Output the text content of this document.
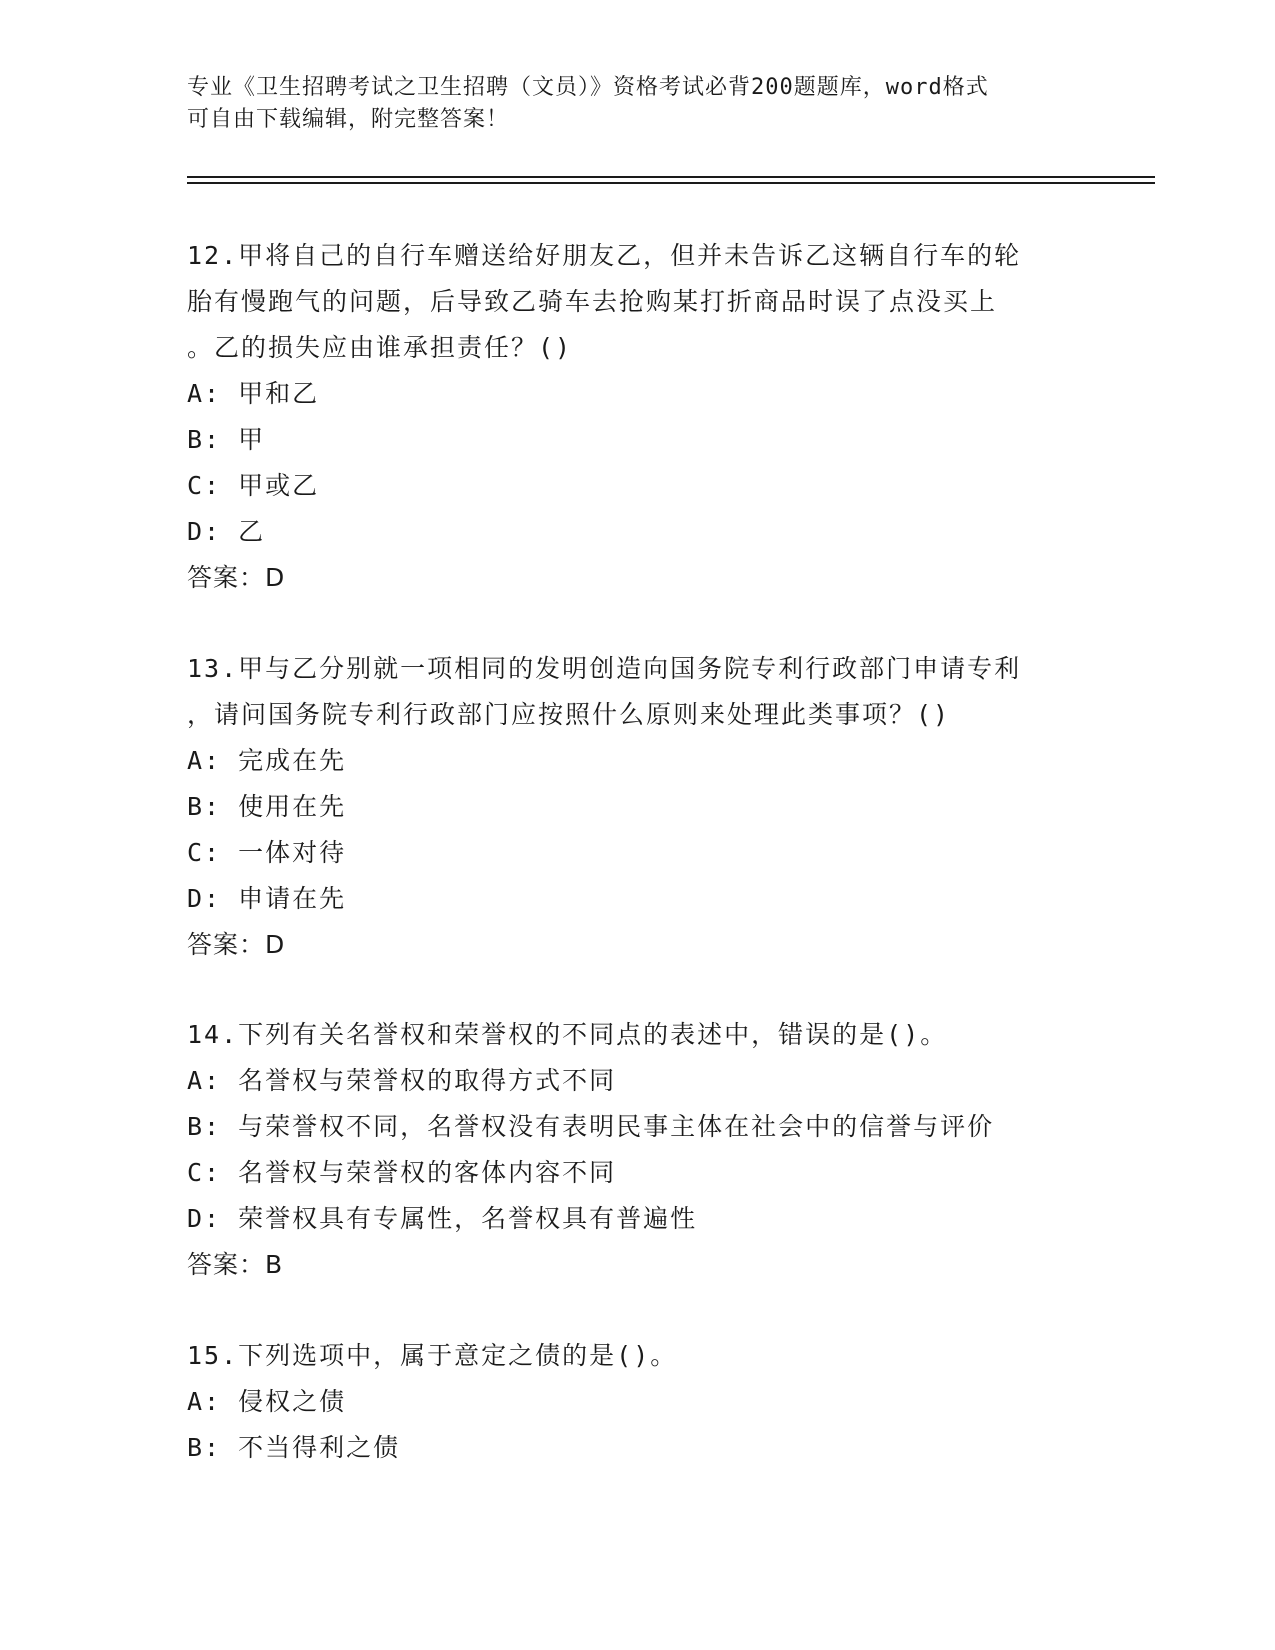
专业《卫生招聘考试之卫生招聘（文员）》资格考试必背200题题库，word格式
可自由下载编辑，附完整答案！
12.甲将自己的自行车赠送给好朋友乙，但并未告诉乙这辆自行车的轮
胎有慢跑气的问题，后导致乙骑车去抢购某打折商品时误了点没买上
。乙的损失应由谁承担责任？()
A: 甲和乙
B: 甲
C: 甲或乙
D: 乙
答案：D
13.甲与乙分别就一项相同的发明创造向国务院专利行政部门申请专利
，请问国务院专利行政部门应按照什么原则来处理此类事项？()
A: 完成在先
B: 使用在先
C: 一体对待
D: 申请在先
答案：D
14.下列有关名誉权和荣誉权的不同点的表述中，错误的是()。
A: 名誉权与荣誉权的取得方式不同
B: 与荣誉权不同，名誉权没有表明民事主体在社会中的信誉与评价
C: 名誉权与荣誉权的客体内容不同
D: 荣誉权具有专属性，名誉权具有普遍性
答案：B
15.下列选项中，属于意定之债的是()。
A: 侵权之债
B: 不当得利之债
